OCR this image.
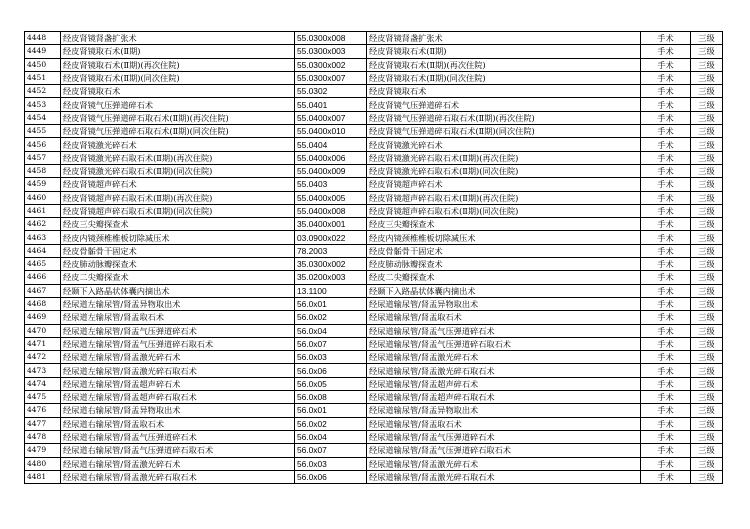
4448	经皮肾镜肾盏扩张术	55.0300x008	经皮肾镜肾盏扩张术	手术	三级
4449	经皮肾镜取石术(Ⅱ期)	55.0300x003	经皮肾镜取石术(Ⅱ期)	手术	三级
4450	经皮肾镜取石术(Ⅱ期)(再次住院)	55.0300x002	经皮肾镜取石术(Ⅱ期)(再次住院)	手术	三级
4451	经皮肾镜取石术(Ⅱ期)(同次住院)	55.0300x007	经皮肾镜取石术(Ⅱ期)(同次住院)	手术	三级
4452	经皮肾镜取石术	55.0302	经皮肾镜取石术	手术	三级
4453	经皮肾镜气压弹道碎石术	55.0401	经皮肾镜气压弹道碎石术	手术	三级
4454	经皮肾镜气压弹道碎石取石术(Ⅱ期)(再次住院)	55.0400x007	经皮肾镜气压弹道碎石取石术(Ⅱ期)(再次住院)	手术	三级
4455	经皮肾镜气压弹道碎石取石术(Ⅱ期)(同次住院)	55.0400x010	经皮肾镜气压弹道碎石取石术(Ⅱ期)(同次住院)	手术	三级
4456	经皮肾镜激光碎石术	55.0404	经皮肾镜激光碎石术	手术	三级
4457	经皮肾镜激光碎石取石术(Ⅱ期)(再次住院)	55.0400x006	经皮肾镜激光碎石取石术(Ⅱ期)(再次住院)	手术	三级
4458	经皮肾镜激光碎石取石术(Ⅱ期)(同次住院)	55.0400x009	经皮肾镜激光碎石取石术(Ⅱ期)(同次住院)	手术	三级
4459	经皮肾镜超声碎石术	55.0403	经皮肾镜超声碎石术	手术	三级
4460	经皮肾镜超声碎石取石术(Ⅱ期)(再次住院)	55.0400x005	经皮肾镜超声碎石取石术(Ⅱ期)(再次住院)	手术	三级
4461	经皮肾镜超声碎石取石术(Ⅱ期)(同次住院)	55.0400x008	经皮肾镜超声碎石取石术(Ⅱ期)(同次住院)	手术	三级
4462	经皮三尖瓣探查术	35.0400x001	经皮三尖瓣探查术	手术	三级
4463	经皮内镜颈椎椎板切除减压术	03.0900x022	经皮内镜颈椎椎板切除减压术	手术	三级
4464	经皮骨骺骨干固定术	78.2003	经皮骨骺骨干固定术	手术	三级
4465	经皮肺动脉瓣探查术	35.0300x002	经皮肺动脉瓣探查术	手术	三级
4466	经皮二尖瓣探查术	35.0200x003	经皮二尖瓣探查术	手术	三级
4467	经颞下入路晶状体囊内摘出术	13.1100	经颞下入路晶状体囊内摘出术	手术	三级
4468	经尿道左输尿管/肾盂异物取出术	56.0x01	经尿道输尿管/肾盂异物取出术	手术	三级
4469	经尿道左输尿管/肾盂取石术	56.0x02	经尿道输尿管/肾盂取石术	手术	三级
4470	经尿道左输尿管/肾盂气压弹道碎石术	56.0x04	经尿道输尿管/肾盂气压弹道碎石术	手术	三级
4471	经尿道左输尿管/肾盂气压弹道碎石取石术	56.0x07	经尿道输尿管/肾盂气压弹道碎石取石术	手术	三级
4472	经尿道左输尿管/肾盂激光碎石术	56.0x03	经尿道输尿管/肾盂激光碎石术	手术	三级
4473	经尿道左输尿管/肾盂激光碎石取石术	56.0x06	经尿道输尿管/肾盂激光碎石取石术	手术	三级
4474	经尿道左输尿管/肾盂超声碎石术	56.0x05	经尿道输尿管/肾盂超声碎石术	手术	三级
4475	经尿道左输尿管/肾盂超声碎石取石术	56.0x08	经尿道输尿管/肾盂超声碎石取石术	手术	三级
4476	经尿道右输尿管/肾盂异物取出术	56.0x01	经尿道输尿管/肾盂异物取出术	手术	三级
4477	经尿道右输尿管/肾盂取石术	56.0x02	经尿道输尿管/肾盂取石术	手术	三级
4478	经尿道右输尿管/肾盂气压弹道碎石术	56.0x04	经尿道输尿管/肾盂气压弹道碎石术	手术	三级
4479	经尿道右输尿管/肾盂气压弹道碎石取石术	56.0x07	经尿道输尿管/肾盂气压弹道碎石取石术	手术	三级
4480	经尿道右输尿管/肾盂激光碎石术	56.0x03	经尿道输尿管/肾盂激光碎石术	手术	三级
4481	经尿道右输尿管/肾盂激光碎石取石术	56.0x06	经尿道输尿管/肾盂激光碎石取石术	手术	三级
